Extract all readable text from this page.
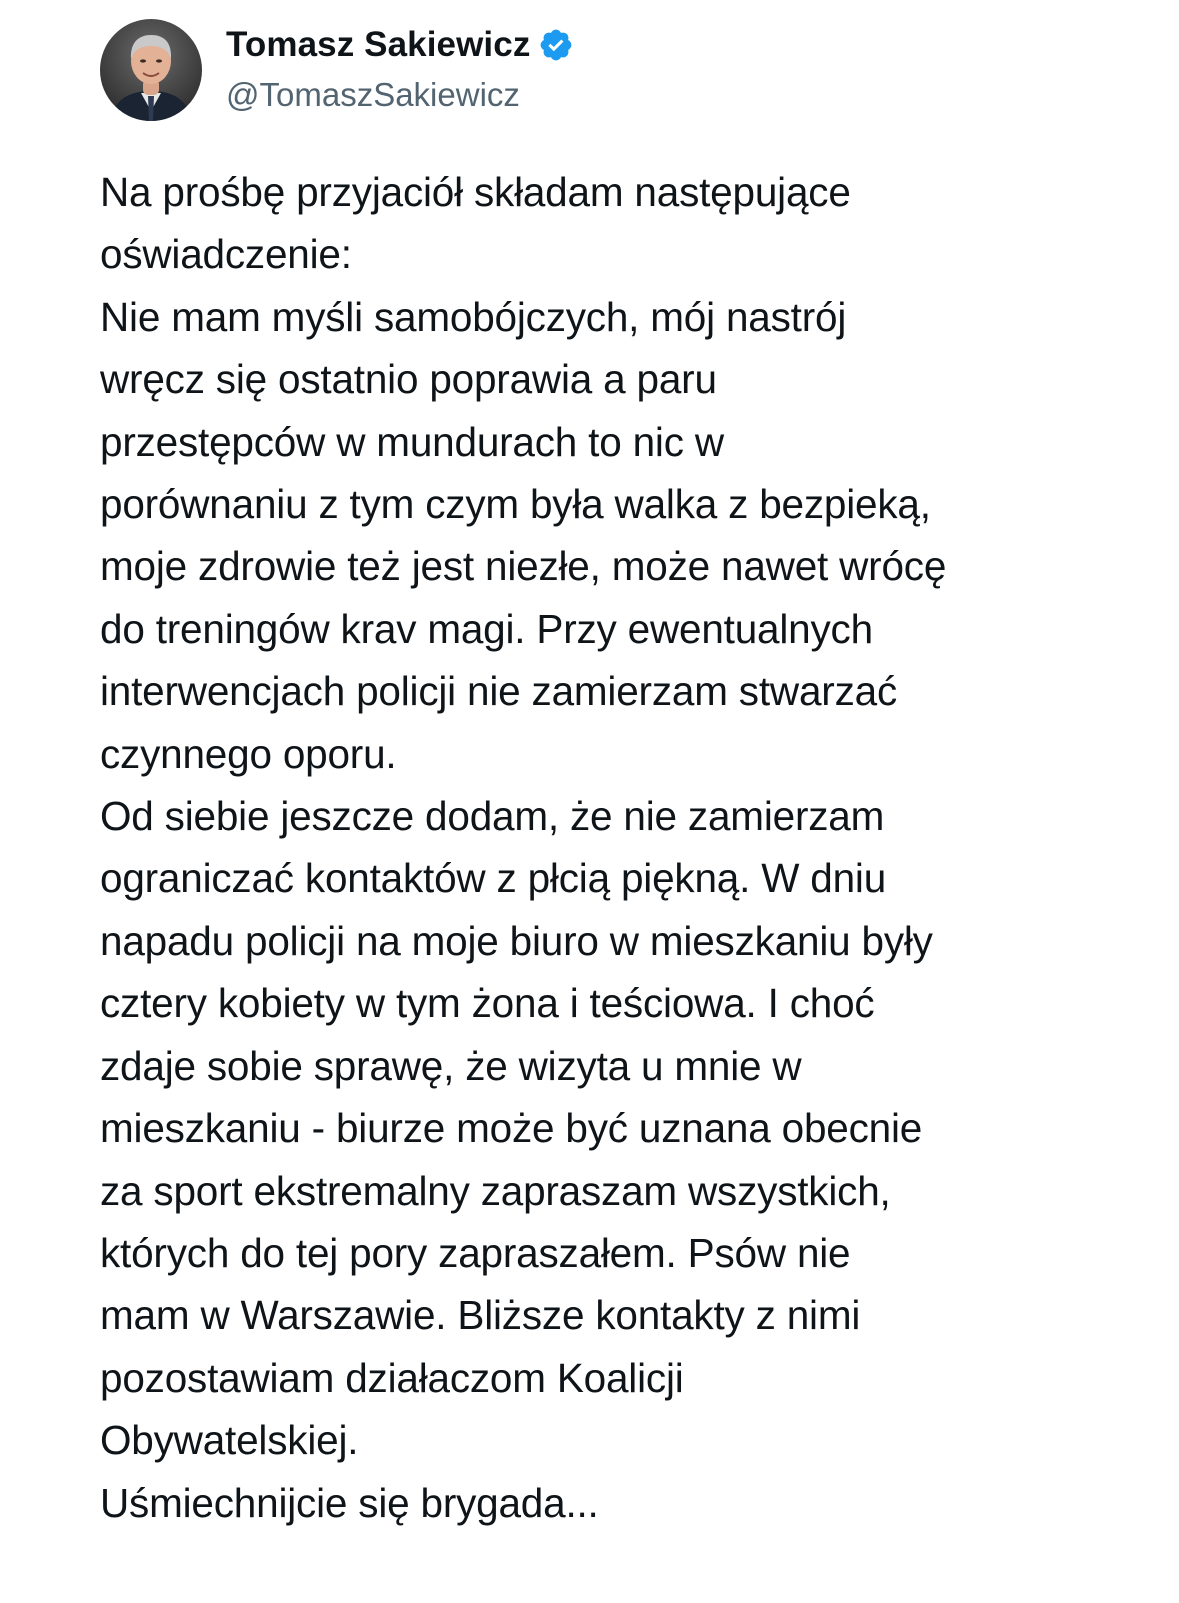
Tomasz Sakiewicz
@TomaszSakiewicz
Na prośbę przyjaciół składam następujące
oświadczenie:
Nie mam myśli samobójczych, mój nastrój
wręcz się ostatnio poprawia a paru
przestępców w mundurach to nic w
porównaniu z tym czym była walka z bezpieką,
moje zdrowie też jest niezłe, może nawet wrócę
do treningów krav magi. Przy ewentualnych
interwencjach policji nie zamierzam stwarzać
czynnego oporu.
Od siebie jeszcze dodam, że nie zamierzam
ograniczać kontaktów z płcią piękną. W dniu
napadu policji na moje biuro w mieszkaniu były
cztery kobiety w tym żona i teściowa. I choć
zdaje sobie sprawę, że wizyta u mnie w
mieszkaniu - biurze może być uznana obecnie
za sport ekstremalny zapraszam wszystkich,
których do tej pory zapraszałem. Psów nie
mam w Warszawie. Bliższe kontakty z nimi
pozostawiam działaczom Koalicji
Obywatelskiej.
Uśmiechnijcie się brygada...
